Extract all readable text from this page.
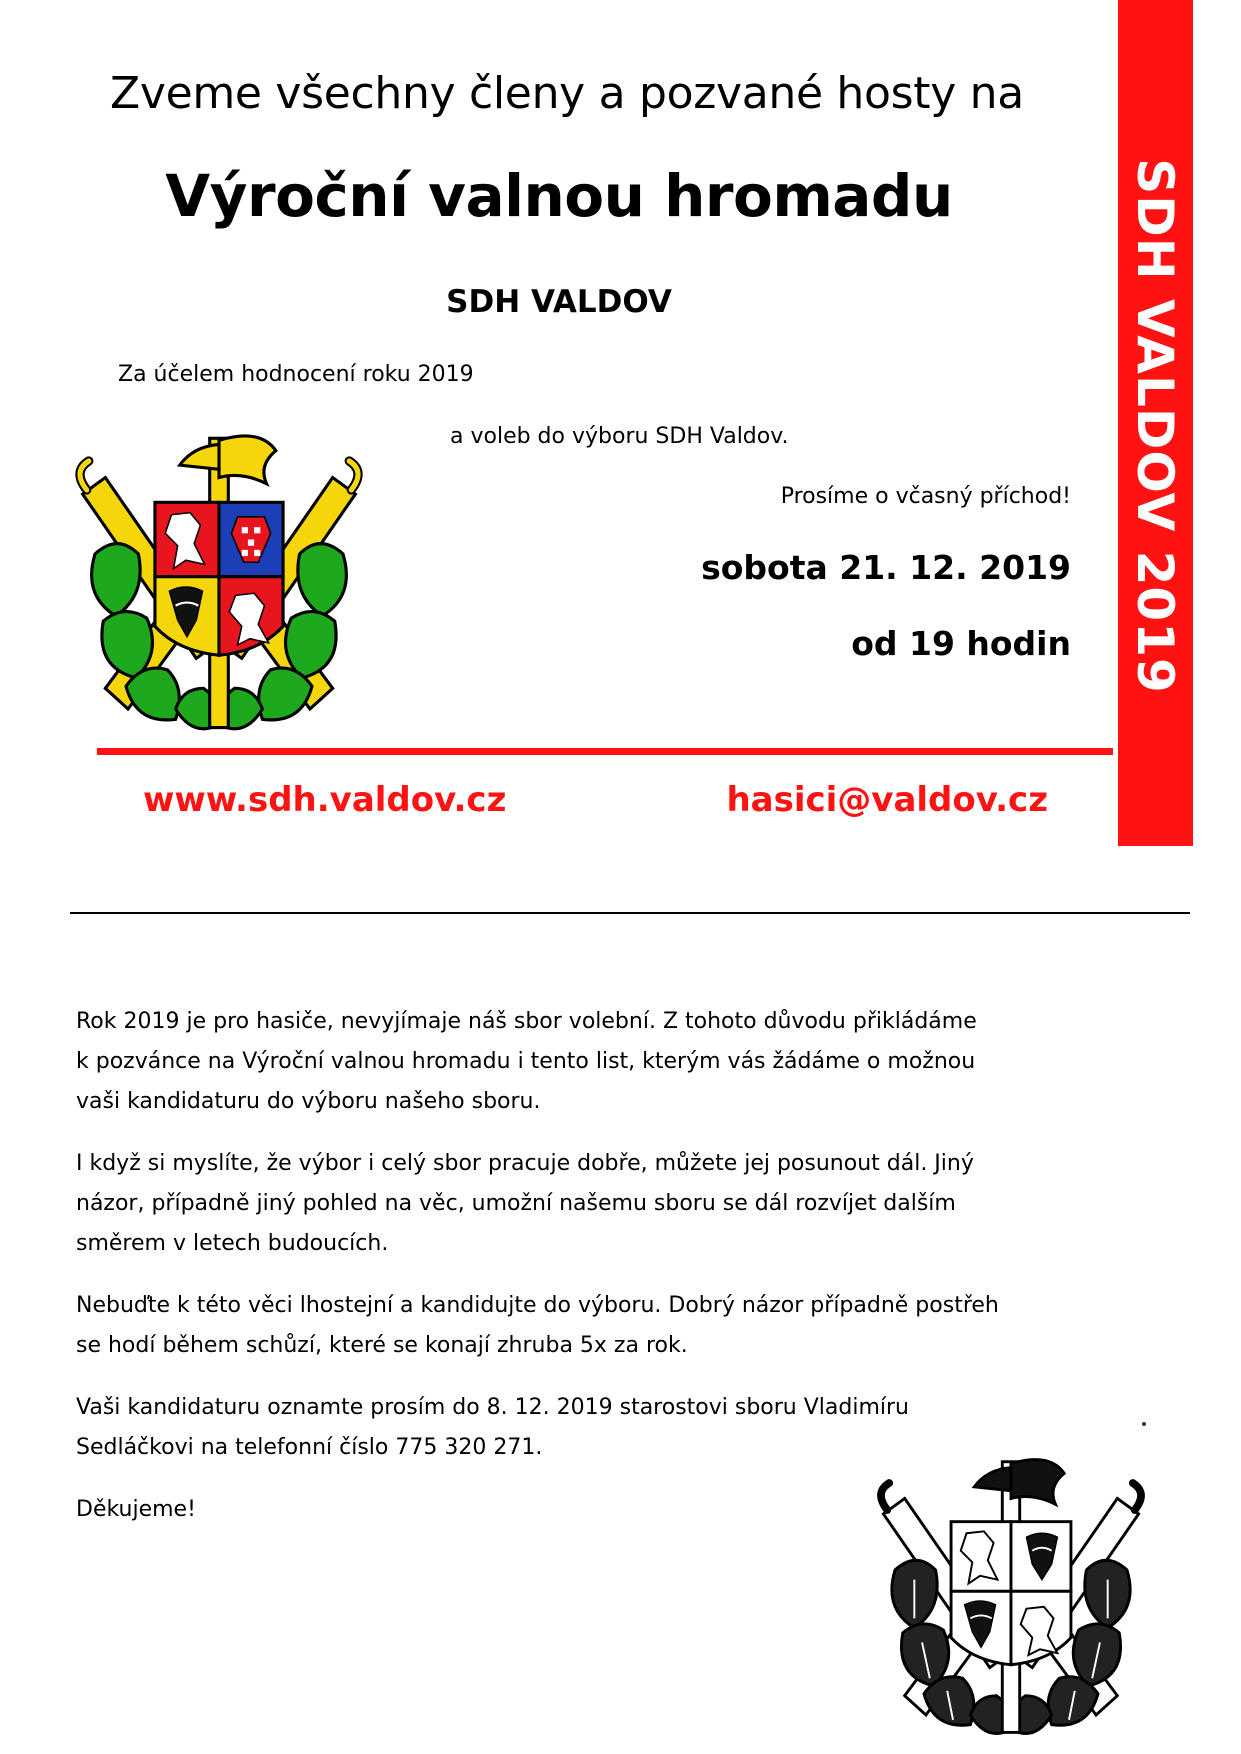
Zveme všechny členy a pozvané hosty na
Výroční valnou hromadu
SDH VALDOV
Za účelem hodnocení roku 2019
a voleb do výboru SDH Valdov.
Prosíme o včasný příchod!
sobota 21. 12. 2019
od 19 hodin
www.sdh.valdov.cz	hasici@valdov.cz
SDH VALDOV 2019

Rok 2019 je pro hasiče, nevyjímaje náš sbor volební. Z tohoto důvodu přikládáme
k pozvánce na Výroční valnou hromadu i tento list, kterým vás žádáme o možnou
vaši kandidaturu do výboru našeho sboru.

I když si myslíte, že výbor i celý sbor pracuje dobře, můžete jej posunout dál. Jiný
názor, případně jiný pohled na věc, umožní našemu sboru se dál rozvíjet dalším
směrem v letech budoucích.

Nebuďte k této věci lhostejní a kandidujte do výboru. Dobrý názor případně postřeh
se hodí během schůzí, které se konají zhruba 5x za rok.

Vaši kandidaturu oznamte prosím do 8. 12. 2019 starostovi sboru Vladimíru
Sedláčkovi na telefonní číslo 775 320 271.

Děkujeme!
